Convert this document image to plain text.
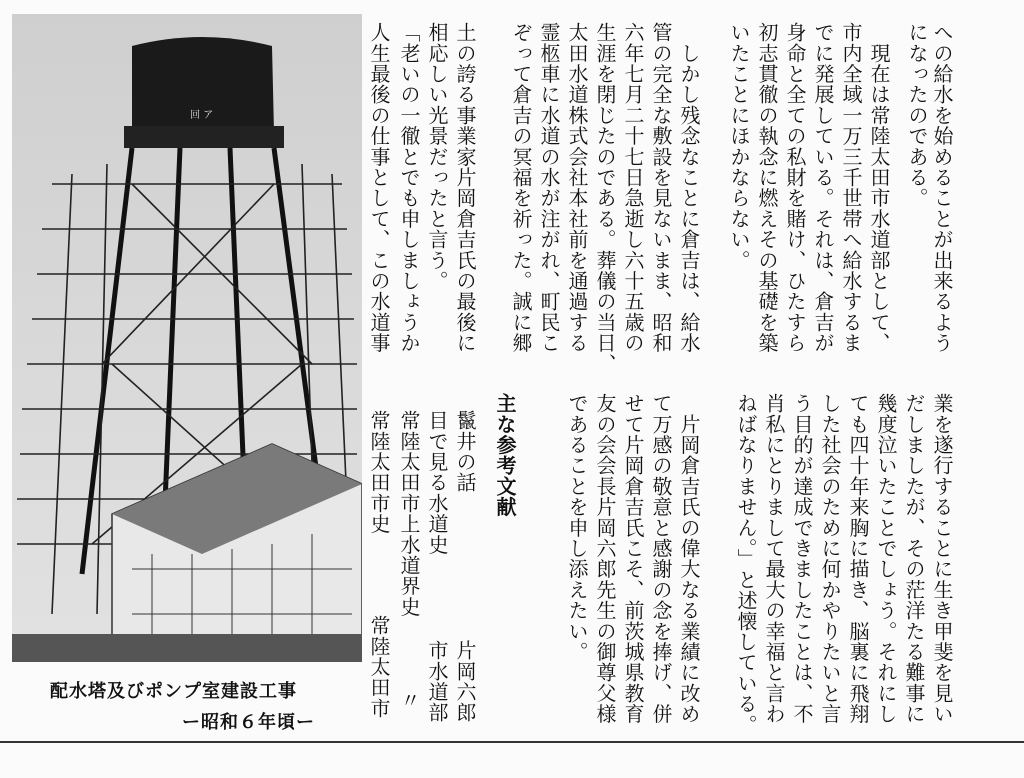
回 ア
配水塔及びポンプ室建設工事
ー昭和６年頃ー
への給水を始めることが出来るよう
になったのである。
　現在は常陸太田市水道部として、
市内全域一万三千世帯へ給水するま
でに発展している。それは、倉吉が
身命と全ての私財を賭け、ひたすら
初志貫徹の執念に燃えその基礎を築
いたことにほかならない。
　しかし残念なことに倉吉は、給水
管の完全な敷設を見ないまま、昭和
六年七月二十七日急逝し六十五歳の
生涯を閉じたのである。葬儀の当日、
太田水道株式会社本社前を通過する
霊柩車に水道の水が注がれ、町民こ
ぞって倉吉の冥福を祈った。誠に郷
土の誇る事業家片岡倉吉氏の最後に
相応しい光景だったと言う。
「老いの一徹とでも申しましょうか
人生最後の仕事として、この水道事
業を遂行することに生き甲斐を見い
だしましたが、その茫洋たる難事に
幾度泣いたことでしょう。それにし
ても四十年来胸に描き、脳裏に飛翔
した社会のために何かやりたいと言
う目的が達成できましたことは、不
肖私にとりまして最大の幸福と言わ
ねばなりません。」と述懐している。
　片岡倉吉氏の偉大なる業績に改め
て万感の敬意と感謝の念を捧げ、併
せて片岡倉吉氏こそ、前茨城県教育
友の会会長片岡六郎先生の御尊父様
であることを申し添えたい。
主な参考文献
鬣井の話
目で見る水道史
常陸太田市上水道界史
常陸太田市史
片岡六郎
市水道部
〃
常陸太田市
